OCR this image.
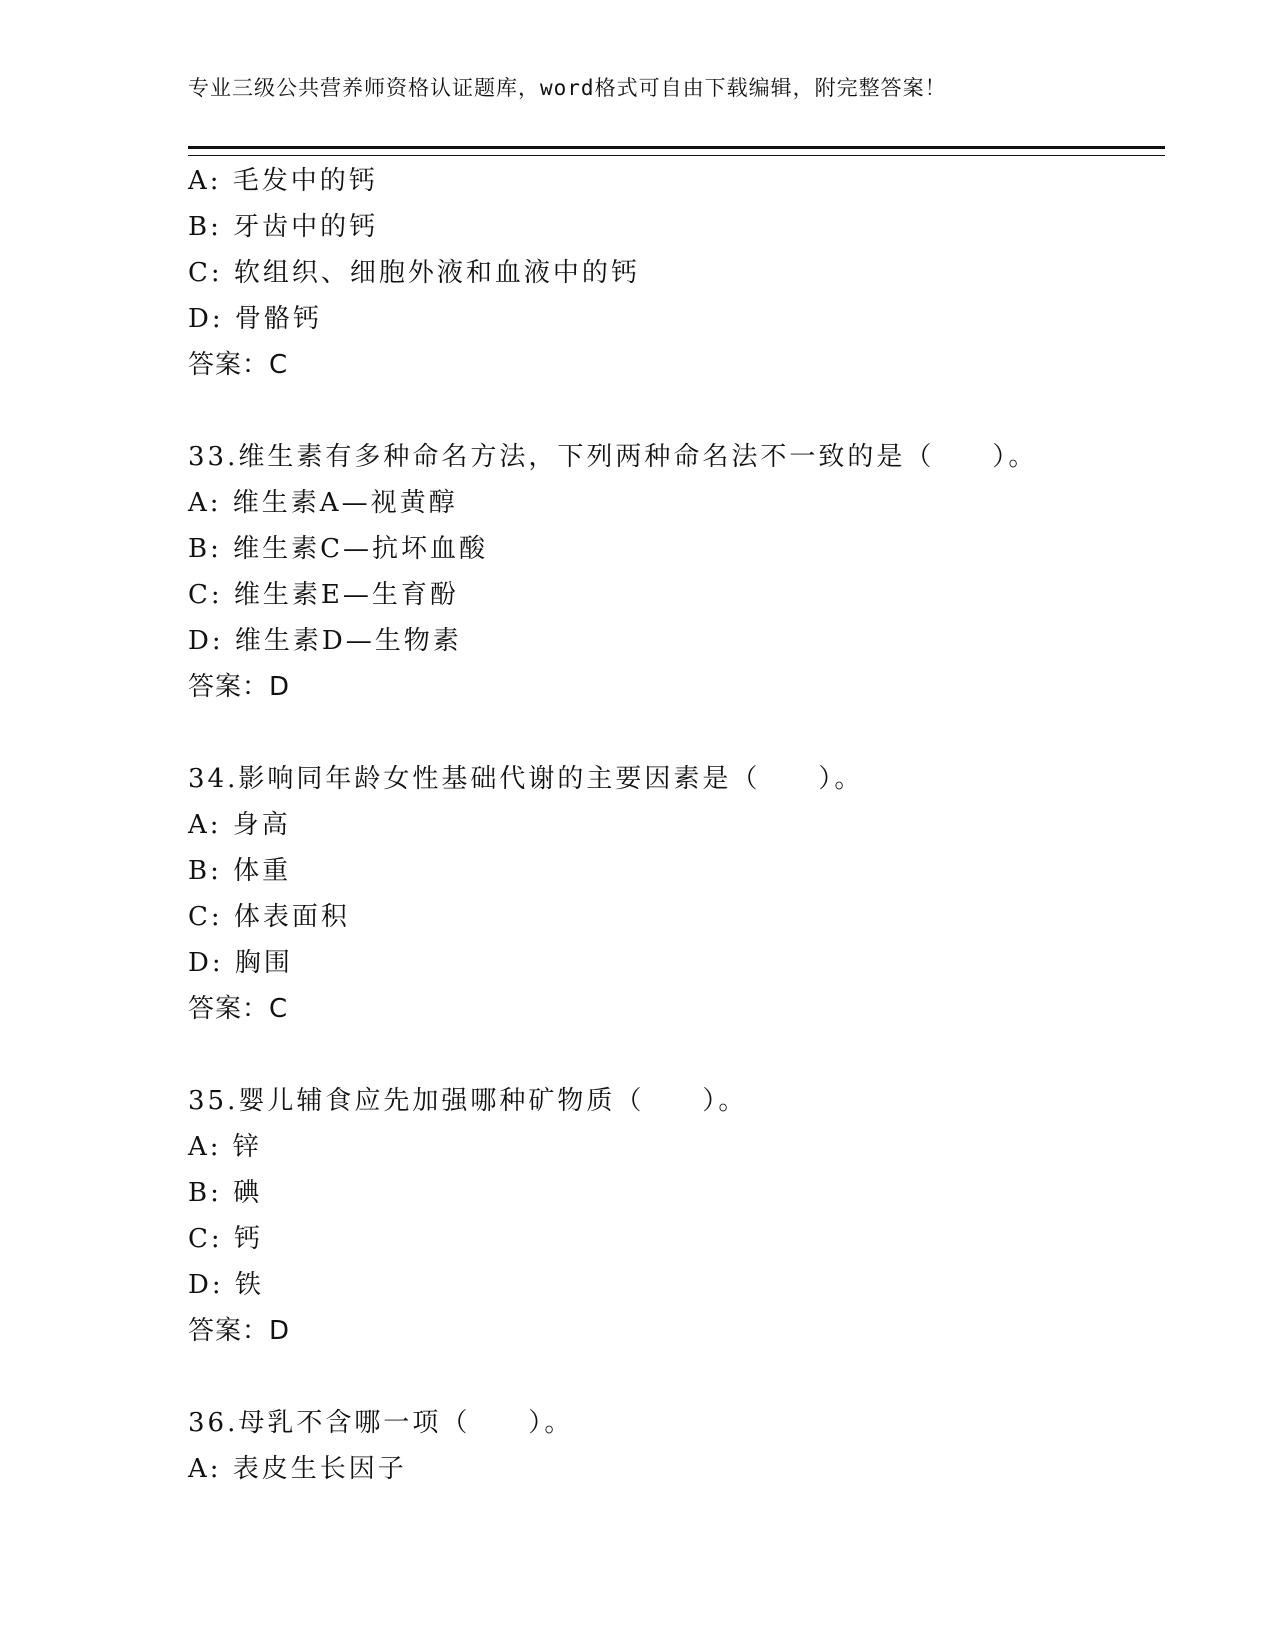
专业三级公共营养师资格认证题库，word格式可自由下载编辑，附完整答案！
A: 毛发中的钙
B: 牙齿中的钙
C: 软组织、细胞外液和血液中的钙
D: 骨骼钙
答案：C
33.维生素有多种命名方法，下列两种命名法不一致的是（　　）。
A: 维生素A—视黄醇
B: 维生素C—抗坏血酸
C: 维生素E—生育酚
D: 维生素D—生物素
答案：D
34.影响同年龄女性基础代谢的主要因素是（　　）。
A: 身高
B: 体重
C: 体表面积
D: 胸围
答案：C
35.婴儿辅食应先加强哪种矿物质（　　）。
A: 锌
B: 碘
C: 钙
D: 铁
答案：D
36.母乳不含哪一项（　　）。
A: 表皮生长因子
